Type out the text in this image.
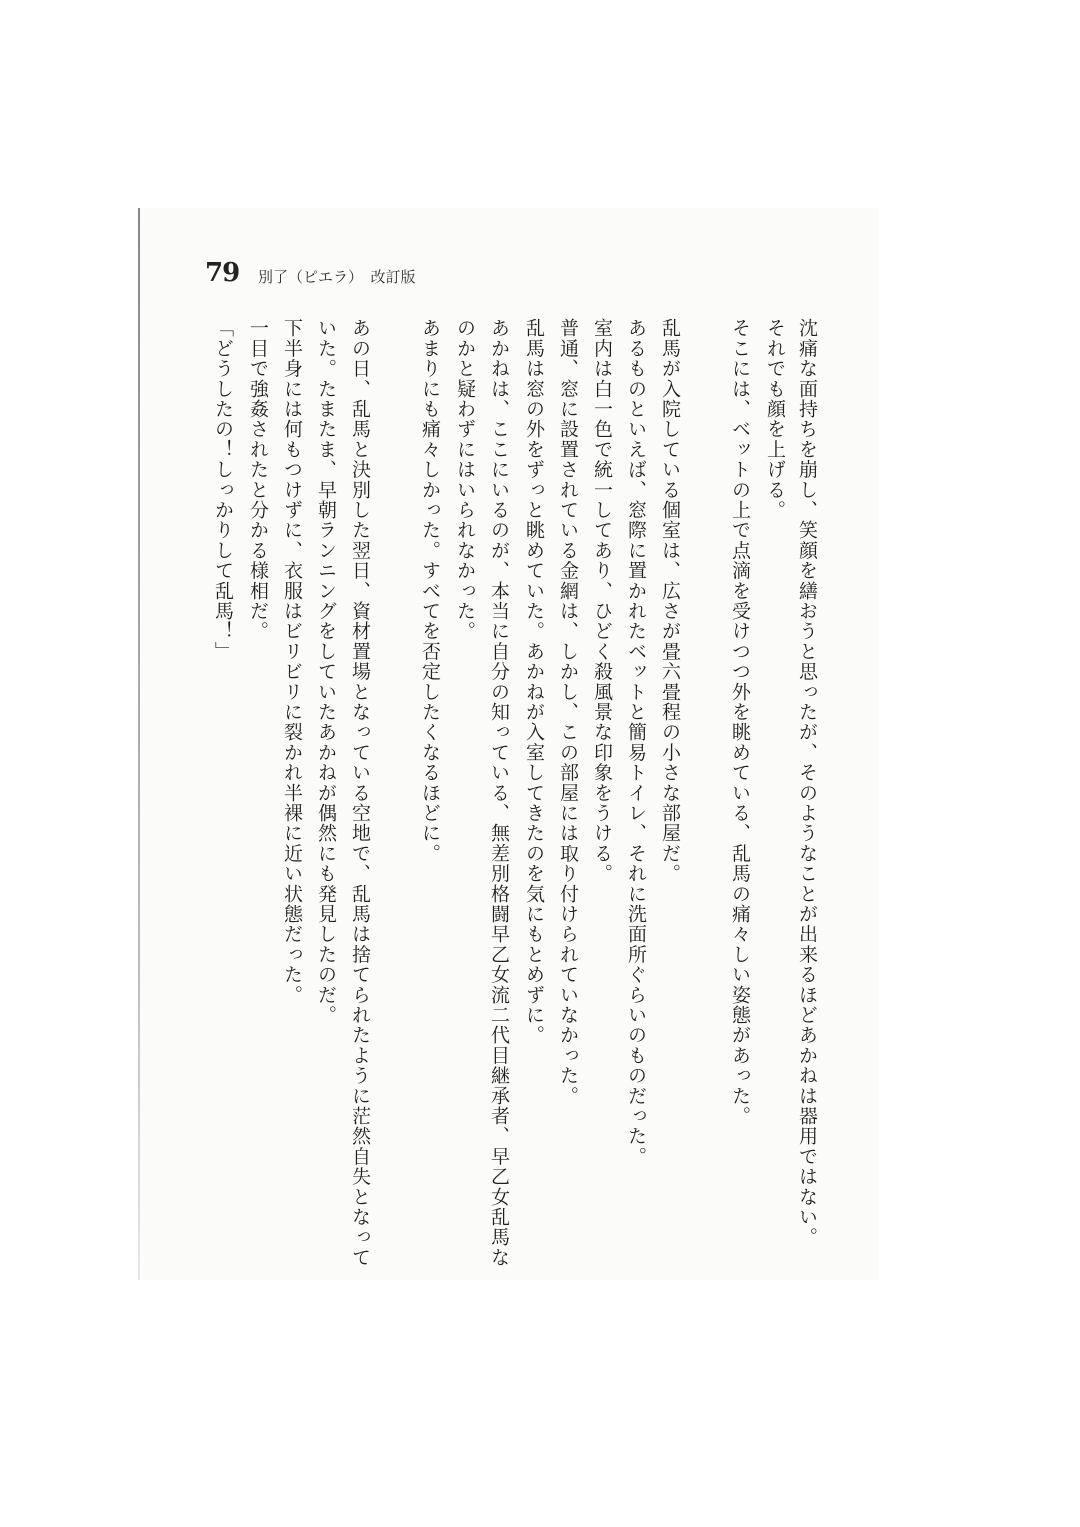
79 別了（ピエラ）　改訂版
沈痛な面持ちを崩し、笑顔を繕おうと思ったが、そのようなことが出来るほどあかねは器用ではない。
それでも顔を上げる。
そこには、ベットの上で点滴を受けつつ外を眺めている、乱馬の痛々しい姿態があった。
乱馬が入院している個室は、広さが畳六畳程の小さな部屋だ。
あるものといえば、窓際に置かれたベットと簡易トイレ、それに洗面所ぐらいのものだった。
室内は白一色で統一してあり、ひどく殺風景な印象をうける。
普通、窓に設置されている金網は、しかし、この部屋には取り付けられていなかった。
乱馬は窓の外をずっと眺めていた。あかねが入室してきたのを気にもとめずに。
あかねは、ここにいるのが、本当に自分の知っている、無差別格闘早乙女流二代目継承者、早乙女乱馬な
のかと疑わずにはいられなかった。
あまりにも痛々しかった。すべてを否定したくなるほどに。
あの日、乱馬と決別した翌日、資材置場となっている空地で、乱馬は捨てられたように茫然自失となって
いた。たまたま、早朝ランニングをしていたあかねが偶然にも発見したのだ。
下半身には何もつけずに、衣服はビリビリに裂かれ半裸に近い状態だった。
一目で強姦されたと分かる様相だ。
「どうしたの！しっかりして乱馬！」
